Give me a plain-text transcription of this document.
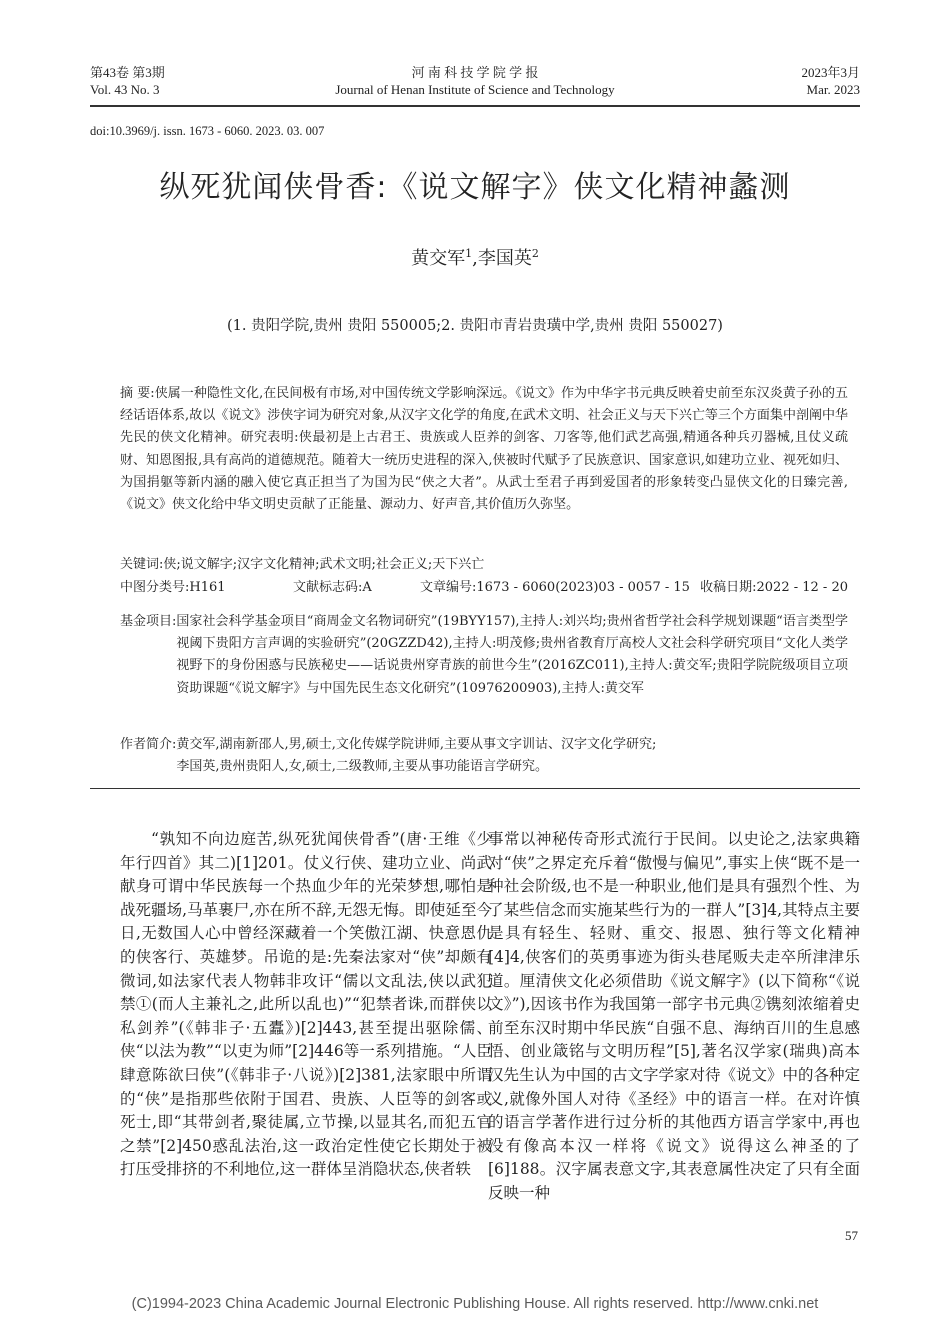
第43卷 第3期
Vol. 43 No. 3
河 南 科 技 学 院 学 报
Journal of Henan Institute of Science and Technology
2023年3月
Mar. 2023
doi:10.3969/j. issn. 1673 - 6060. 2023. 03. 007
纵死犹闻侠骨香:《说文解字》侠文化精神蠡测
黄交军$^1$,李国英$^2$
(1. 贵阳学院,贵州 贵阳 550005;2. 贵阳市青岩贵璜中学,贵州 贵阳 550027)
摘 要:侠属一种隐性文化,在民间极有市场,对中国传统文学影响深远。《说文》作为中华字书元典反映着史前至东汉炎黄子孙的五经话语体系,故以《说文》涉侠字词为研究对象,从汉字文化学的角度,在武术文明、社会正义与天下兴亡等三个方面集中剖阐中华先民的侠文化精神。研究表明:侠最初是上古君王、贵族或人臣养的剑客、刀客等,他们武艺高强,精通各种兵刃器械,且仗义疏财、知恩图报,具有高尚的道德规范。随着大一统历史进程的深入,侠被时代赋予了民族意识、国家意识,如建功立业、视死如归、为国捐躯等新内涵的融入使它真正担当了为国为民“侠之大者”。从武士至君子再到爱国者的形象转变凸显侠文化的日臻完善,《说文》侠文化给中华文明史贡献了正能量、源动力、好声音,其价值历久弥坚。
关键词:侠;说文解字;汉字文化精神;武术文明;社会正义;天下兴亡
中图分类号:H161	文献标志码:A	文章编号:1673 - 6060(2023)03 - 0057 - 15 收稿日期:2022 - 12 - 20
基金项目: 国家社会科学基金项目“商周金文名物词研究”(19BYY157),主持人:刘兴均;贵州省哲学社会科学规划课题“语言类型学视阈下贵阳方言声调的实验研究”(20GZZD42),主持人:明茂修;贵州省教育厅高校人文社会科学研究项目“文化人类学视野下的身份困惑与民族秘史——话说贵州穿青族的前世今生”(2016ZC011),主持人:黄交军;贵阳学院院级项目立项资助课题“《说文解字》与中国先民生态文化研究”(10976200903),主持人:黄交军
作者简介: 黄交军,湖南新邵人,男,硕士,文化传媒学院讲师,主要从事文字训诂、汉字文化学研究;
李国英,贵州贵阳人,女,硕士,二级教师,主要从事功能语言学研究。

“孰知不向边庭苦,纵死犹闻侠骨香”(唐·王维《少年行四首》其二)[1]201。仗义行侠、建功立业、尚武献身可谓中华民族每一个热血少年的光荣梦想,哪怕是战死疆场,马革裹尸,亦在所不辞,无怨无悔。即使延至今日,无数国人心中曾经深藏着一个笑傲江湖、快意恩仇的侠客行、英雄梦。吊诡的是:先秦法家对“侠”却颇有微词,如法家代表人物韩非攻讦“儒以文乱法,侠以武犯禁①(而人主兼礼之,此所以乱也)”“犯禁者诛,而群侠以私剑养”(《韩非子·五蠹》)[2]443,甚至提出驱除儒、侠“以法为教”“以吏为师”[2]446等一系列措施。“人臣肆意陈欲曰侠”(《韩非子·八说》)[2]381,法家眼中所谓的“侠”是指那些依附于国君、贵族、人臣等的剑客或死士,即“其带剑者,聚徒属,立节操,以显其名,而犯五官之禁”[2]450惑乱法治,这一政治定性使它长期处于被打压受排挤的不利地位,这一群体呈消隐状态,侠者轶

事常以神秘传奇形式流行于民间。以史论之,法家典籍对“侠”之界定充斥着“傲慢与偏见”,事实上侠“既不是一种社会阶级,也不是一种职业,他们是具有强烈个性、为了某些信念而实施某些行为的一群人”[3]4,其特点主要是具有轻生、轻财、重交、报恩、独行等文化精神[4]4,侠客们的英勇事迹为街头巷尾贩夫走卒所津津乐道。厘清侠文化必须借助《说文解字》(以下简称“《说文》”),因该书作为我国第一部字书元典②镌刻浓缩着史前至东汉时期中华民族“自强不息、海纳百川的生息感悟、创业箴铭与文明历程”[5],著名汉学家(瑞典)高本汉先生认为中国的古文字学家对待《说文》中的各种定义,就像外国人对待《圣经》中的语言一样。在对许慎的语言学著作进行过分析的其他西方语言学家中,再也没有像高本汉一样将《说文》说得这么神圣的了[6]188。汉字属表意文字,其表意属性决定了只有全面反映一种

57
(C)1994-2023 China Academic Journal Electronic Publishing House. All rights reserved. http://www.cnki.net
